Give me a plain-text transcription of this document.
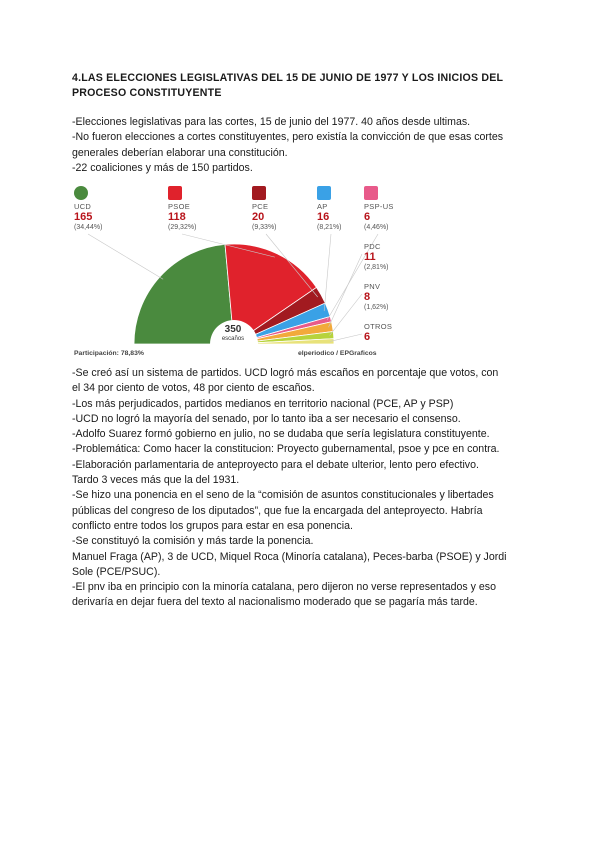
4.LAS ELECCIONES LEGISLATIVAS DEL 15 DE JUNIO DE 1977 Y LOS INICIOS DEL PROCESO CONSTITUYENTE
-Elecciones legislativas para las cortes, 15 de junio del 1977. 40 años desde ultimas.
-No fueron elecciones a cortes constituyentes, pero existía la convicción de que esas cortes
generales deberían elaborar una constitución.
-22 coaliciones y más de 150 partidos.
UCD
165
(34,44%)
PSOE
118
(29,32%)
PCE
20
(9,33%)
AP
16
(8,21%)
PSP-US
6
(4,46%)
PDC
11
(2,81%)
PNV
8
(1,62%)
OTROS
6
350
escaños
Participación: 78,83%	elperiodico / EPGraficos
-Se creó así un sistema de partidos. UCD logró más escaños en porcentaje que votos, con
el 34 por ciento de votos, 48 por ciento de escaños.
-Los más perjudicados, partidos medianos en territorio nacional (PCE, AP y PSP)
-UCD no logró la mayoría del senado, por lo tanto iba a ser necesario el consenso.
-Adolfo Suarez formó gobierno en julio, no se dudaba que sería legislatura constituyente.
-Problemática: Como hacer la constitucion: Proyecto gubernamental, psoe y pce en contra.
-Elaboración parlamentaria de anteproyecto para el debate ulterior, lento pero efectivo.
Tardo 3 veces más que la del 1931.
-Se hizo una ponencia en el seno de la “comisión de asuntos constitucionales y libertades
públicas del congreso de los diputados”, que fue la encargada del anteproyecto. Habría
conflicto entre todos los grupos para estar en esa ponencia.
-Se constituyó la comisión y más tarde la ponencia.
Manuel Fraga (AP), 3 de UCD, Miquel Roca (Minoría catalana), Peces-barba (PSOE) y Jordi
Sole (PCE/PSUC).
-El pnv iba en principio con la minoría catalana, pero dijeron no verse representados y eso
derivaría en dejar fuera del texto al nacionalismo moderado que se pagaría más tarde.
